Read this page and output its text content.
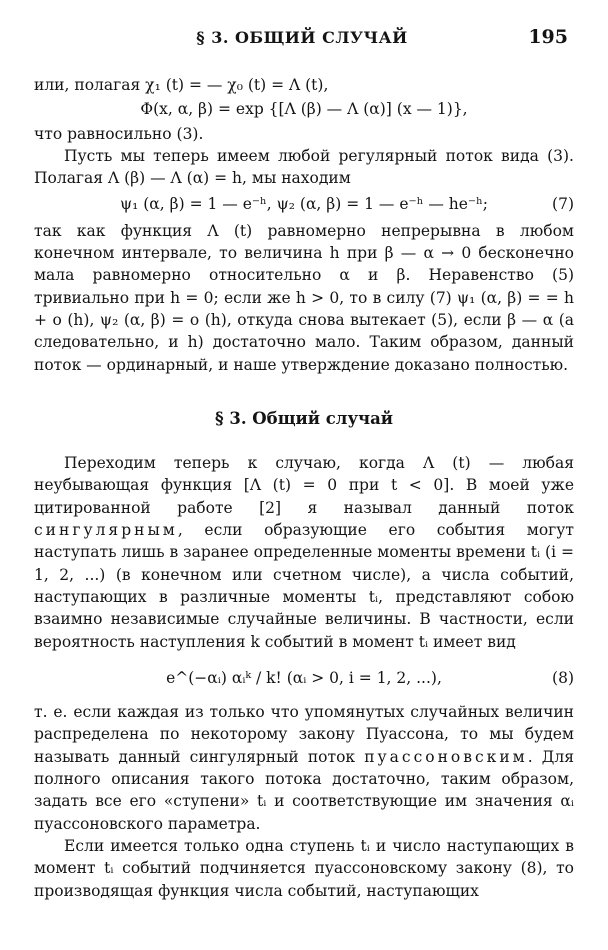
§ 3. ОБЩИЙ СЛУЧАЙ	195

или, полагая χ₁ (t) = — χ₀ (t) = Λ (t),

Φ(x, α, β) = exp {[Λ (β) — Λ (α)] (x — 1)},

что равносильно (3).

Пусть мы теперь имеем любой регулярный поток вида (3). Полагая Λ (β) — Λ (α) = h, мы находим

ψ₁ (α, β) = 1 — e⁻ʰ, ψ₂ (α, β) = 1 — e⁻ʰ — he⁻ʰ;	(7)

так как функция Λ (t) равномерно непрерывна в любом конечном интервале, то величина h при β — α → 0 бесконечно мала равномерно относительно α и β. Неравенство (5) тривиально при h = 0; если же h > 0, то в силу (7) ψ₁ (α, β) = = h + o (h), ψ₂ (α, β) = o (h), откуда снова вытекает (5), если β — α (а следовательно, и h) достаточно мало. Таким образом, данный поток — ординарный, и наше утверждение доказано полностью.

§ 3. Общий случай

Переходим теперь к случаю, когда Λ (t) — любая неубывающая функция [Λ (t) = 0 при t < 0]. В моей уже цитированной работе [2] я называл данный поток сингулярным, если образующие его события могут наступать лишь в заранее определенные моменты времени tᵢ (i = 1, 2, ...) (в конечном или счетном числе), а числа событий, наступающих в различные моменты tᵢ, представляют собою взаимно независимые случайные величины. В частности, если вероятность наступления k событий в момент tᵢ имеет вид

e^(−αᵢ) αᵢᵏ / k! (αᵢ > 0, i = 1, 2, ...),	(8)

т. е. если каждая из только что упомянутых случайных величин распределена по некоторому закону Пуассона, то мы будем называть данный сингулярный поток пуассоновским. Для полного описания такого потока достаточно, таким образом, задать все его «ступени» tᵢ и соответствующие им значения αᵢ пуассоновского параметра.

Если имеется только одна ступень tᵢ и число наступающих в момент tᵢ событий подчиняется пуассоновскому закону (8), то производящая функция числа событий, наступающих
